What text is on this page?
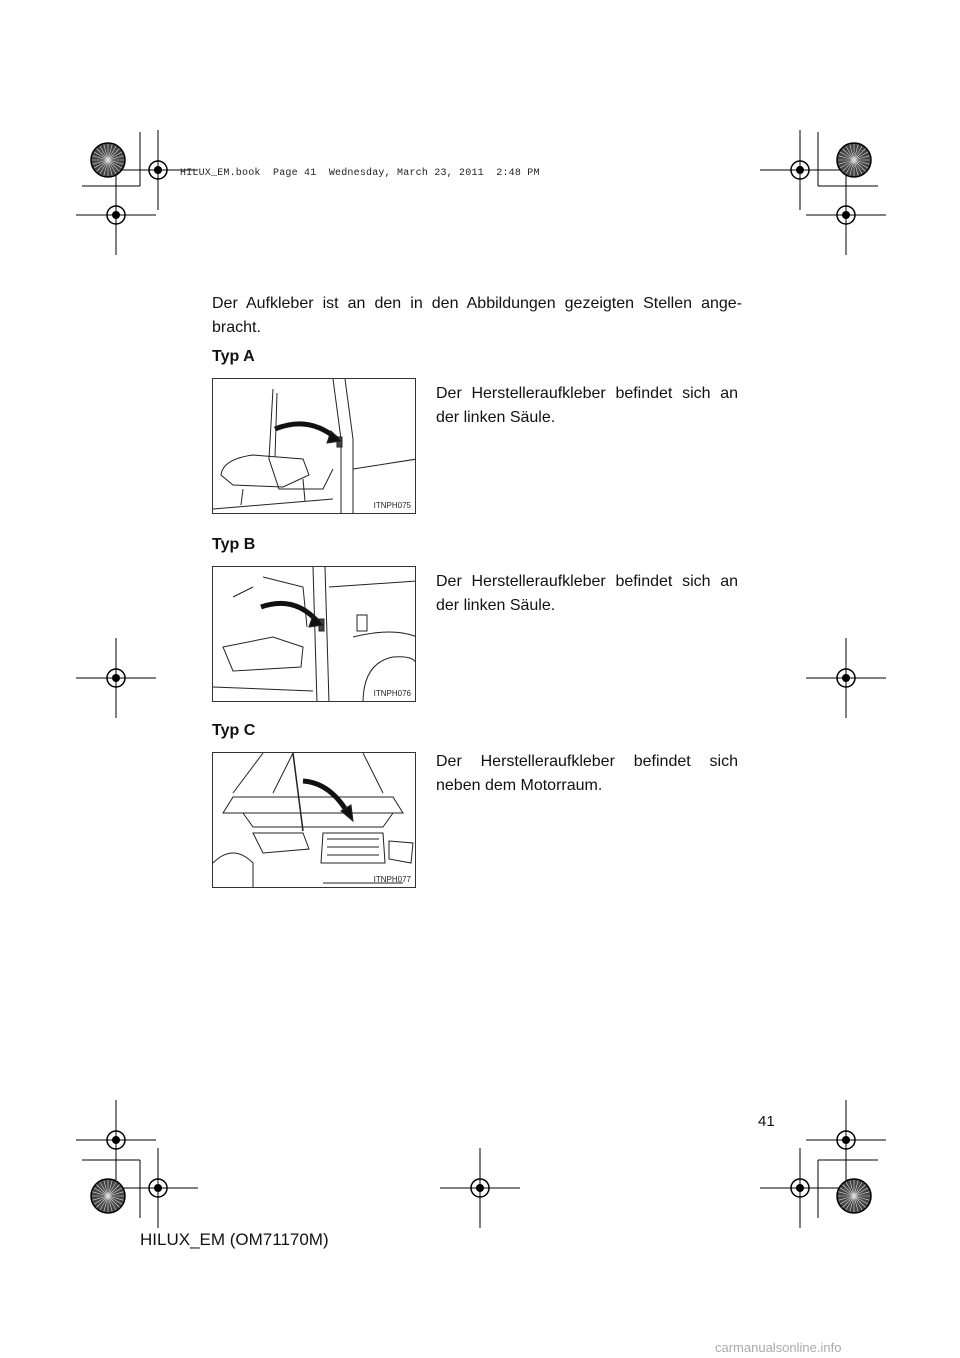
HILUX_EM.book  Page 41  Wednesday, March 23, 2011  2:48 PM
Der Aufkleber ist an den in den Abbildungen gezeigten Stellen ange-bracht.
Typ A
ITNPH075
Der Herstelleraufkleber befindet sich an der linken Säule.
Typ B
ITNPH076
Der Herstelleraufkleber befindet sich an der linken Säule.
Typ C
ITNPH077
Der Herstelleraufkleber befindet sich neben dem Motorraum.
41
HILUX_EM (OM71170M)
carmanualsonline.info
